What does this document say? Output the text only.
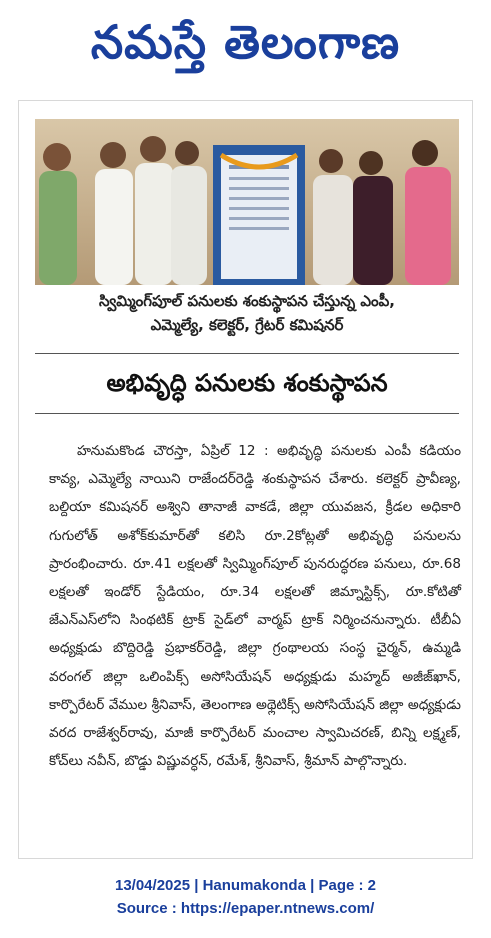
నమస్తే తెలంగాణ
స్విమ్మింగ్‌పూల్ పనులకు శంకుస్థాపన చేస్తున్న ఎంపీ,
ఎమ్మెల్యే, కలెక్టర్, గ్రేటర్ కమిషనర్
అభివృద్ధి పనులకు శంకుస్థాపన
హనుమకొండ చౌరస్తా, ఏప్రిల్ 12 : అభివృద్ధి పనులకు ఎంపీ కడియం కావ్య, ఎమ్మెల్యే నాయిని రాజేందర్‌రెడ్డి శంకుస్థాపన చేశారు. కలెక్టర్ ప్రావీణ్య, బల్దియా కమిషనర్ అశ్విని తానాజీ వాకడే, జిల్లా యువజన, క్రీడల అధికారి గుగులోత్ అశోక్‌కుమార్‌తో కలిసి రూ.2కోట్లతో అభివృద్ధి పనులను ప్రారంభించారు. రూ.41 లక్షలతో స్విమ్మింగ్‌పూల్ పునరుద్ధరణ పనులు, రూ.68 లక్షలతో ఇండోర్ స్టేడియం, రూ.34 లక్షలతో జిమ్నాస్టిక్స్, రూ.కోటితో జేఎన్‌ఎస్‌లోని సింథటిక్ ట్రాక్ సైడ్‌లో వార్మప్ ట్రాక్ నిర్మించనున్నారు. టీబీఏ అధ్యక్షుడు బొద్దిరెడ్డి ప్రభాకర్‌రెడ్డి, జిల్లా గ్రంథాలయ సంస్థ చైర్మన్, ఉమ్మడి వరంగల్ జిల్లా ఒలింపిక్స్ అసోసియేషన్ అధ్యక్షుడు మహ్మద్ అజీజ్‌ఖాన్, కార్పొరేటర్ వేముల శ్రీనివాస్, తెలంగాణ అథ్లెటిక్స్ అసోసియేషన్ జిల్లా అధ్యక్షుడు వరద రాజేశ్వర్‌రావు, మాజీ కార్పొరేటర్ మంచాల స్వామిచరణ్, బిన్ని లక్ష్మణ్, కోచ్‌లు నవీన్, బొడ్డు విష్ణువర్ధన్, రమేశ్, శ్రీనివాస్, శ్రీమాన్ పాల్గొన్నారు.
13/04/2025 | Hanumakonda | Page : 2
Source : https://epaper.ntnews.com/
